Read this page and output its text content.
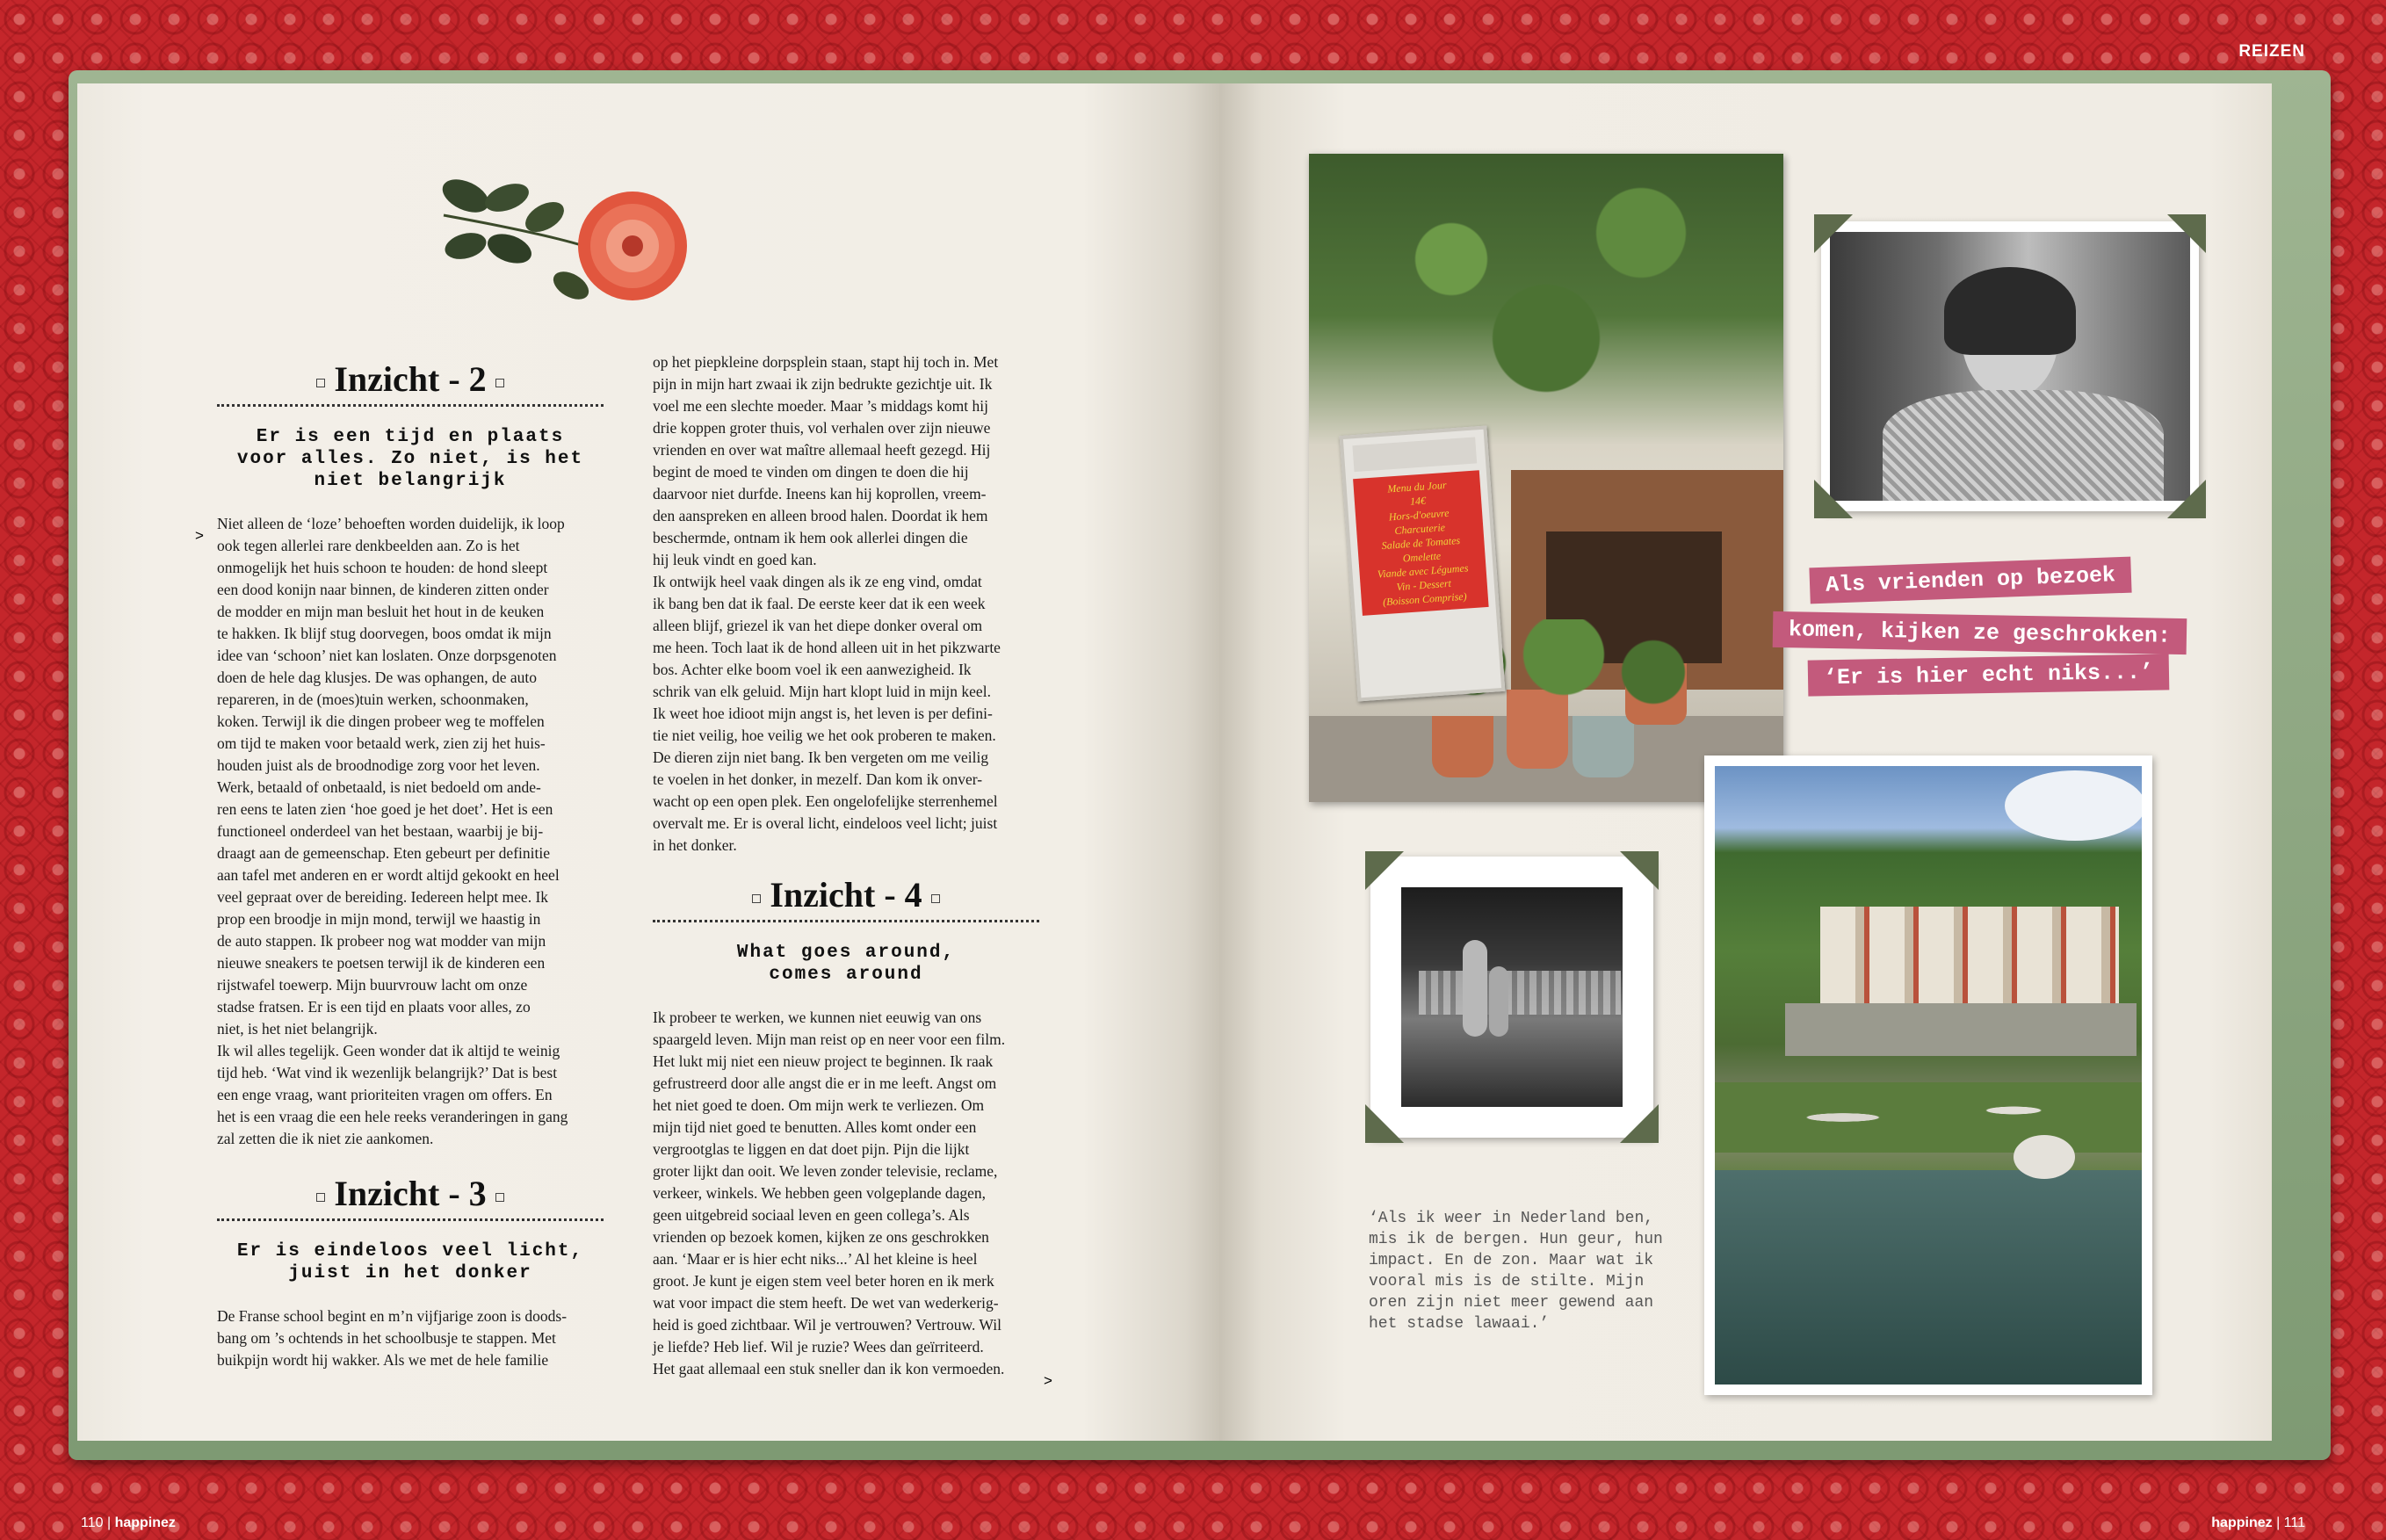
REIZEN
Inzicht - 2
Er is een tijd en plaats
voor alles. Zo niet, is het
niet belangrijk

Niet alleen de ‘loze’ behoeften worden duidelijk, ik loop

ook tegen allerlei rare denkbeelden aan. Zo is het

onmogelijk het huis schoon te houden: de hond sleept

een dood konijn naar binnen, de kinderen zitten onder

de modder en mijn man besluit het hout in de keuken

te hakken. Ik blijf stug doorvegen, boos omdat ik mijn

idee van ‘schoon’ niet kan loslaten. Onze dorpsgenoten

doen de hele dag klusjes. De was ophangen, de auto

repareren, in de (moes)tuin werken, schoonmaken,

koken. Terwijl ik die dingen probeer weg te moffelen

om tijd te maken voor betaald werk, zien zij het huis-

houden juist als de broodnodige zorg voor het leven.

Werk, betaald of onbetaald, is niet bedoeld om ande-

ren eens te laten zien ‘hoe goed je het doet’. Het is een

functioneel onderdeel van het bestaan, waarbij je bij-

draagt aan de gemeenschap. Eten gebeurt per definitie

aan tafel met anderen en er wordt altijd gekookt en heel

veel gepraat over de bereiding. Iedereen helpt mee. Ik

prop een broodje in mijn mond, terwijl we haastig in

de auto stappen. Ik probeer nog wat modder van mijn

nieuwe sneakers te poetsen terwijl ik de kinderen een

rijstwafel toewerp. Mijn buurvrouw lacht om onze

stadse fratsen. Er is een tijd en plaats voor alles, zo

niet, is het niet belangrijk.

Ik wil alles tegelijk. Geen wonder dat ik altijd te weinig

tijd heb. ‘Wat vind ik wezenlijk belangrijk?’ Dat is best

een enge vraag, want prioriteiten vragen om offers. En

het is een vraag die een hele reeks veranderingen in gang

zal zetten die ik niet zie aankomen.

Inzicht - 3
Er is eindeloos veel licht,
juist in het donker

De Franse school begint en m’n vijfjarige zoon is doods-

bang om ’s ochtends in het schoolbusje te stappen. Met

buikpijn wordt hij wakker. Als we met de hele familie

>

op het piepkleine dorpsplein staan, stapt hij toch in. Met

pijn in mijn hart zwaai ik zijn bedrukte gezichtje uit. Ik

voel me een slechte moeder. Maar ’s middags komt hij

drie koppen groter thuis, vol verhalen over zijn nieuwe

vrienden en over wat maître allemaal heeft gezegd. Hij

begint de moed te vinden om dingen te doen die hij

daarvoor niet durfde. Ineens kan hij koprollen, vreem-

den aanspreken en alleen brood halen. Doordat ik hem

beschermde, ontnam ik hem ook allerlei dingen die

hij leuk vindt en goed kan.

Ik ontwijk heel vaak dingen als ik ze eng vind, omdat

ik bang ben dat ik faal. De eerste keer dat ik een week

alleen blijf, griezel ik van het diepe donker overal om

me heen. Toch laat ik de hond alleen uit in het pikzwarte

bos. Achter elke boom voel ik een aanwezigheid. Ik

schrik van elk geluid. Mijn hart klopt luid in mijn keel.

Ik weet hoe idioot mijn angst is, het leven is per defini-

tie niet veilig, hoe veilig we het ook proberen te maken.

De dieren zijn niet bang. Ik ben vergeten om me veilig

te voelen in het donker, in mezelf. Dan kom ik onver-

wacht op een open plek. Een ongelofelijke sterrenhemel

overvalt me. Er is overal licht, eindeloos veel licht; juist

in het donker.

Inzicht - 4
What goes around,
comes around

Ik probeer te werken, we kunnen niet eeuwig van ons

spaargeld leven. Mijn man reist op en neer voor een film.

Het lukt mij niet een nieuw project te beginnen. Ik raak

gefrustreerd door alle angst die er in me leeft. Angst om

het niet goed te doen. Om mijn werk te verliezen. Om

mijn tijd niet goed te benutten. Alles komt onder een

vergrootglas te liggen en dat doet pijn. Pijn die lijkt

groter lijkt dan ooit. We leven zonder televisie, reclame,

verkeer, winkels. We hebben geen volgeplande dagen,

geen uitgebreid sociaal leven en geen collega’s. Als

vrienden op bezoek komen, kijken ze ons geschrokken

aan. ‘Maar er is hier echt niks...’ Al het kleine is heel

groot. Je kunt je eigen stem veel beter horen en ik merk

wat voor impact die stem heeft. De wet van wederkerig-

heid is goed zichtbaar. Wil je vertrouwen? Vertrouw. Wil

je liefde? Heb lief. Wil je ruzie? Wees dan geïrriteerd.

Het gaat allemaal een stuk sneller dan ik kon vermoeden.

>
Menu du Jour
14€
Hors-d'oeuvre
Charcuterie
Salade de Tomates
Omelette
Viande avec Légumes
Vin - Dessert
(Boisson Comprise)
Als vrienden op bezoek
komen, kijken ze geschrokken:
‘Er is hier echt niks...’
‘Als ik weer in Nederland ben,
mis ik de bergen. Hun geur, hun
impact. En de zon. Maar wat ik
vooral mis is de stilte. Mijn
oren zijn niet meer gewend aan
het stadse lawaai.’
110 | happinez	happinez | 111
